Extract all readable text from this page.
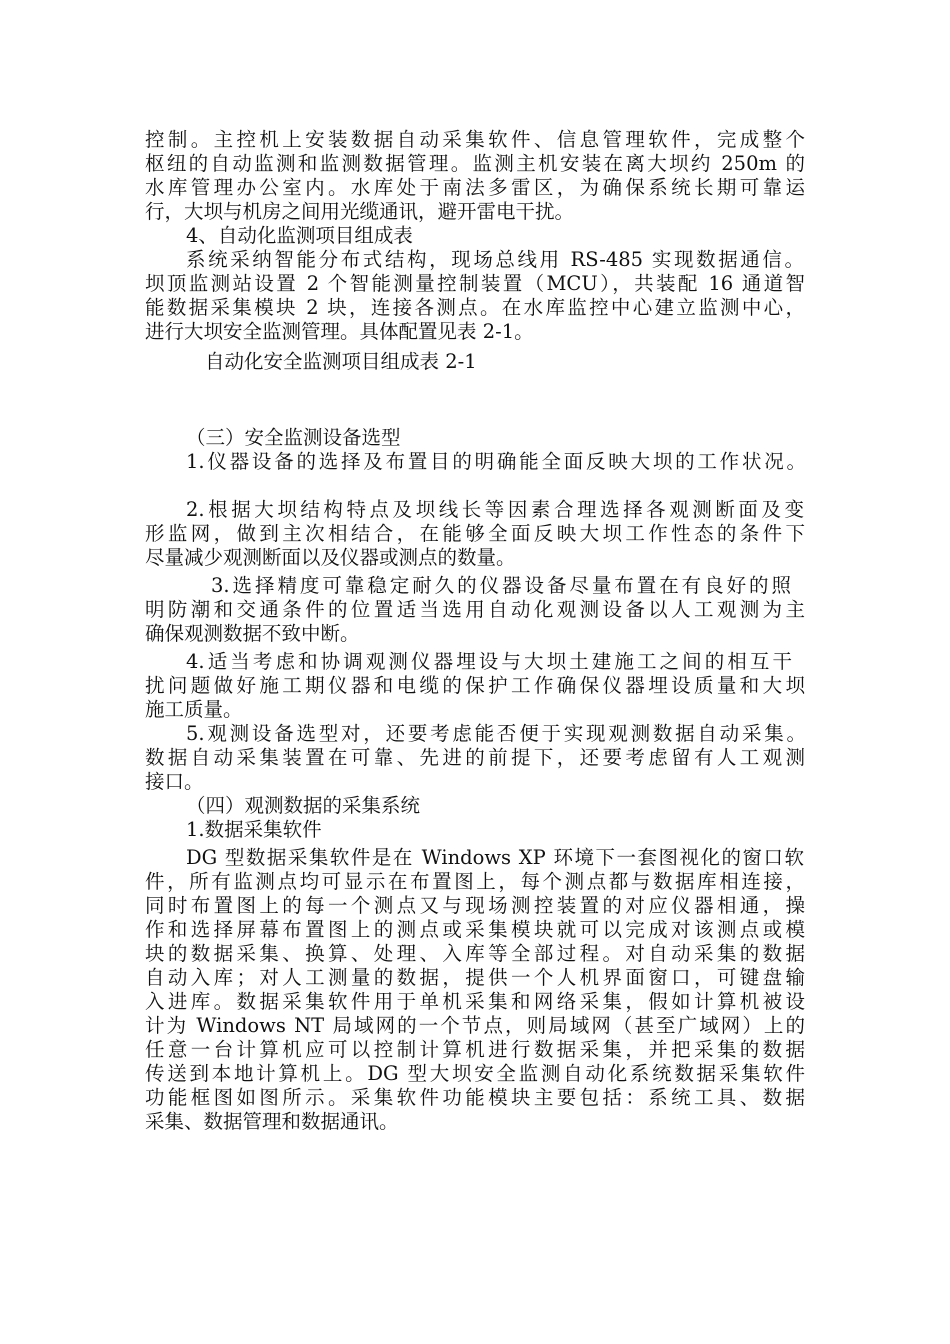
控制。主控机上安装数据自动采集软件、信息管理软件，完成整个
枢纽的自动监测和监测数据管理。监测主机安装在离大坝约 250m 的
水库管理办公室内。水库处于南法多雷区，为确保系统长期可靠运
行，大坝与机房之间用光缆通讯，避开雷电干扰。
4、自动化监测项目组成表
系统采纳智能分布式结构，现场总线用 RS-485 实现数据通信。
坝顶监测站设置 2 个智能测量控制装置（MCU），共装配 16 通道智
能数据采集模块 2 块，连接各测点。在水库监控中心建立监测中心，
进行大坝安全监测管理。具体配置见表 2-1。
自动化安全监测项目组成表 2-1
（三）安全监测设备选型
1.仪器设备的选择及布置目的明确能全面反映大坝的工作状况。
2.根据大坝结构特点及坝线长等因素合理选择各观测断面及变
形监网，做到主次相结合，在能够全面反映大坝工作性态的条件下
尽量减少观测断面以及仪器或测点的数量。
3.选择精度可靠稳定耐久的仪器设备尽量布置在有良好的照
明防潮和交通条件的位置适当选用自动化观测设备以人工观测为主
确保观测数据不致中断。
4.适当考虑和协调观测仪器埋设与大坝土建施工之间的相互干
扰问题做好施工期仪器和电缆的保护工作确保仪器埋设质量和大坝
施工质量。
5.观测设备选型对，还要考虑能否便于实现观测数据自动采集。
数据自动采集装置在可靠、先进的前提下，还要考虑留有人工观测
接口。
（四）观测数据的采集系统
1.数据采集软件
DG 型数据采集软件是在 Windows XP 环境下一套图视化的窗口软
件，所有监测点均可显示在布置图上，每个测点都与数据库相连接，
同时布置图上的每一个测点又与现场测控装置的对应仪器相通，操
作和选择屏幕布置图上的测点或采集模块就可以完成对该测点或模
块的数据采集、换算、处理、入库等全部过程。对自动采集的数据
自动入库；对人工测量的数据，提供一个人机界面窗口，可键盘输
入进库。数据采集软件用于单机采集和网络采集，假如计算机被设
计为 Windows NT 局域网的一个节点，则局域网（甚至广域网）上的
任意一台计算机应可以控制计算机进行数据采集，并把采集的数据
传送到本地计算机上。DG 型大坝安全监测自动化系统数据采集软件
功能框图如图所示。采集软件功能模块主要包括：系统工具、数据
采集、数据管理和数据通讯。
